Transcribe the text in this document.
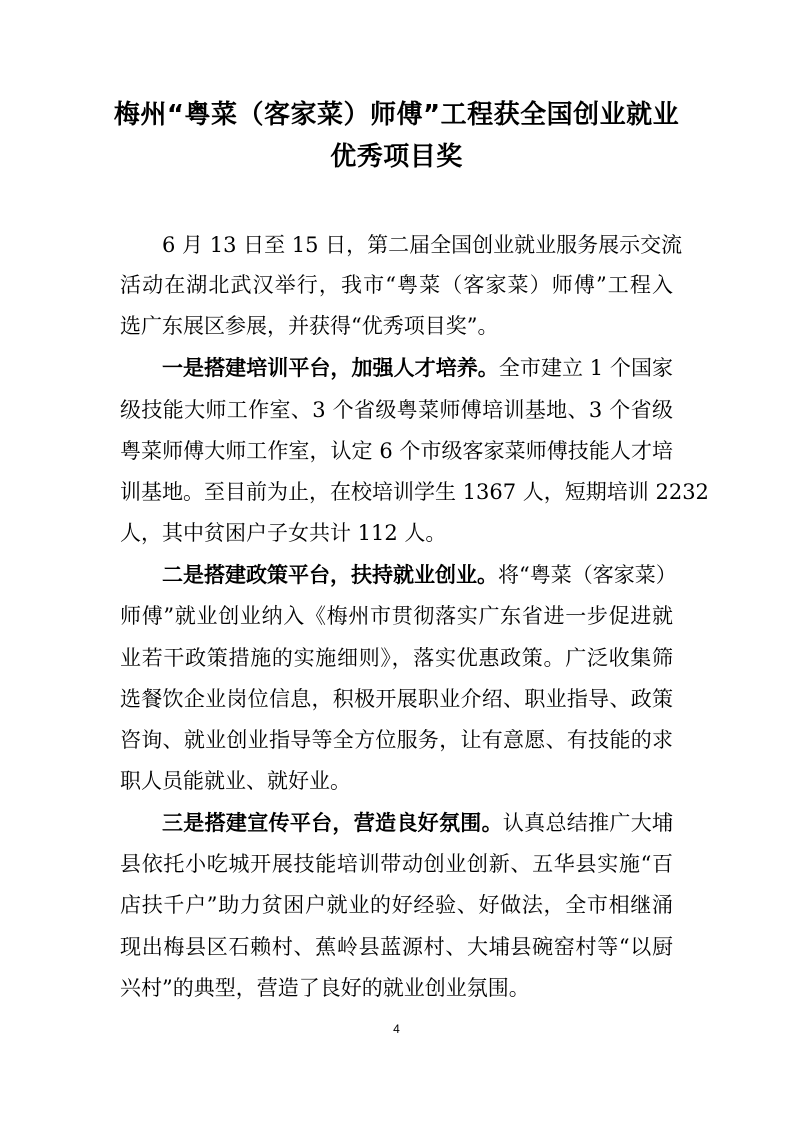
梅州“粤菜（客家菜）师傅”工程获全国创业就业
优秀项目奖
6 月 13 日至 15 日，第二届全国创业就业服务展示交流
活动在湖北武汉举行，我市“粤菜（客家菜）师傅”工程入
选广东展区参展，并获得“优秀项目奖”。
一是搭建培训平台，加强人才培养。全市建立 1 个国家
级技能大师工作室、3 个省级粤菜师傅培训基地、3 个省级
粤菜师傅大师工作室，认定 6 个市级客家菜师傅技能人才培
训基地。至目前为止，在校培训学生 1367 人，短期培训 2232
人，其中贫困户子女共计 112 人。
二是搭建政策平台，扶持就业创业。将“粤菜（客家菜）
师傅”就业创业纳入《梅州市贯彻落实广东省进一步促进就
业若干政策措施的实施细则》，落实优惠政策。广泛收集筛
选餐饮企业岗位信息，积极开展职业介绍、职业指导、政策
咨询、就业创业指导等全方位服务，让有意愿、有技能的求
职人员能就业、就好业。
三是搭建宣传平台，营造良好氛围。认真总结推广大埔
县依托小吃城开展技能培训带动创业创新、五华县实施“百
店扶千户”助力贫困户就业的好经验、好做法，全市相继涌
现出梅县区石赖村、蕉岭县蓝源村、大埔县碗窑村等“以厨
兴村”的典型，营造了良好的就业创业氛围。
4
